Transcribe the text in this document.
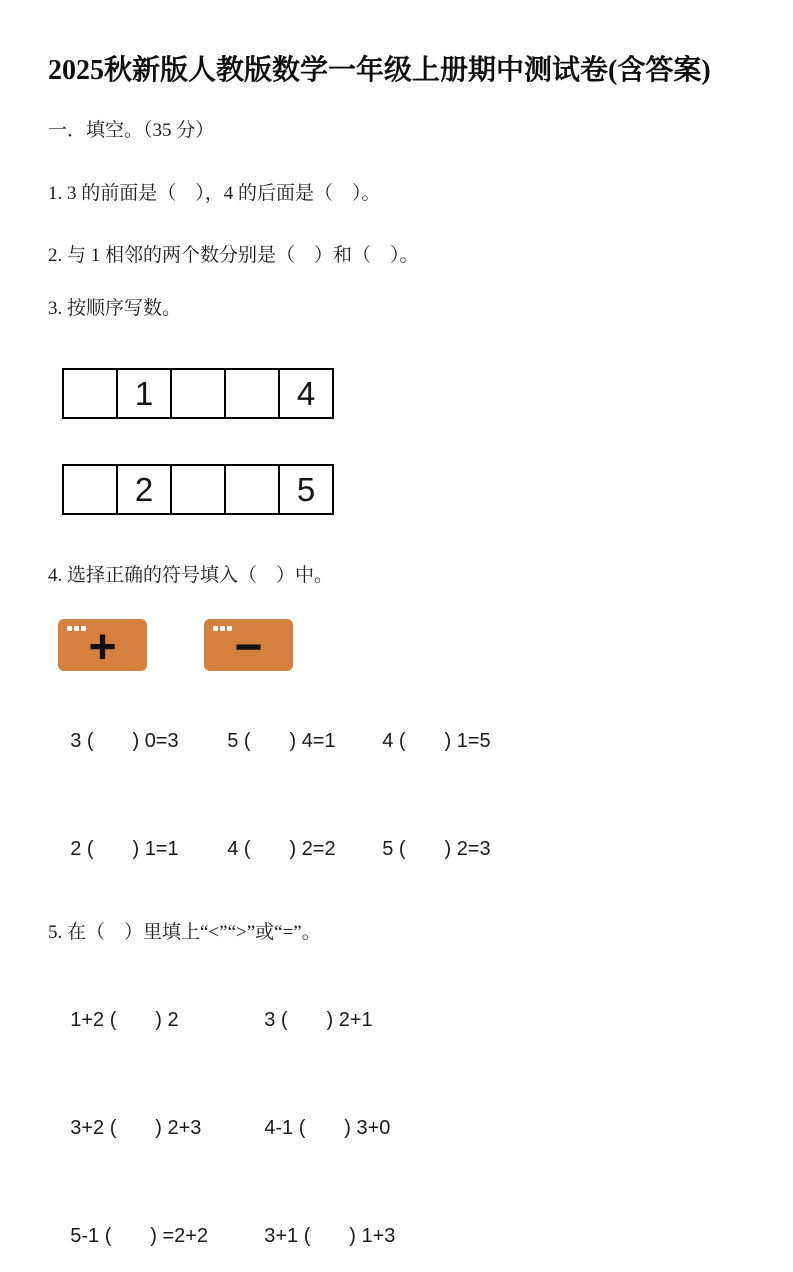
2025秋新版人教版数学一年级上册期中测试卷(含答案)
一．填空。（35 分）
1. 3 的前面是（    ），4 的后面是（    ）。
2. 与 1 相邻的两个数分别是（    ）和（    ）。
3. 按顺序写数。
	1			4
	2			5
4. 选择正确的符号填入（    ）中。
+ −

3 (       ) 0=3 5 (       ) 4=1 4 (       ) 1=5

2 (       ) 1=1 4 (       ) 2=2 5 (       ) 2=3

5. 在（    ）里填上“<”“>”或“=”。

1+2 (       ) 2	3 (       ) 2+1

3+2 (       ) 2+3	4-1 (       ) 3+0

5-1 (       ) =2+2	3+1 (       ) 1+3
